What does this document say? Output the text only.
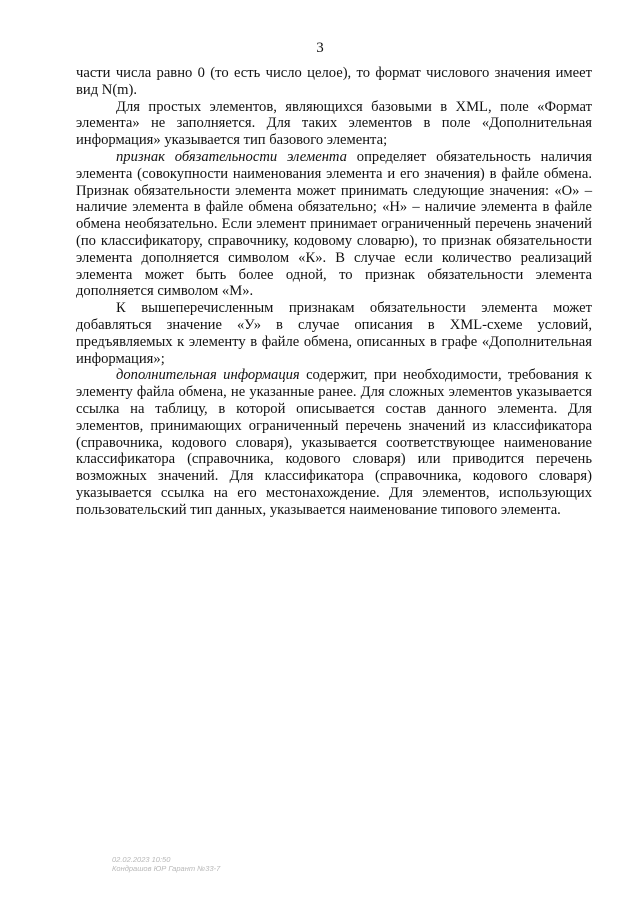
3

части числа равно 0 (то есть число целое), то формат числового значения имеет вид N(m).

Для простых элементов, являющихся базовыми в XML, поле «Формат элемента» не заполняется. Для таких элементов в поле «Дополнительная информация» указывается тип базового элемента;

признак обязательности элемента определяет обязательность наличия элемента (совокупности наименования элемента и его значения) в файле обмена. Признак обязательности элемента может принимать следующие значения: «О» – наличие элемента в файле обмена обязательно; «Н» – наличие элемента в файле обмена необязательно. Если элемент принимает ограниченный перечень значений (по классификатору, справочнику, кодовому словарю), то признак обязательности элемента дополняется символом «К». В случае если количество реализаций элемента может быть более одной, то признак обязательности элемента дополняется символом «М».

К вышеперечисленным признакам обязательности элемента может добавляться значение «У» в случае описания в XML-схеме условий, предъявляемых к элементу в файле обмена, описанных в графе «Дополнительная информация»;

дополнительная информация содержит, при необходимости, требования к элементу файла обмена, не указанные ранее. Для сложных элементов указывается ссылка на таблицу, в которой описывается состав данного элемента. Для элементов, принимающих ограниченный перечень значений из классификатора (справочника, кодового словаря), указывается соответствующее наименование классификатора (справочника, кодового словаря) или приводится перечень возможных значений. Для классификатора (справочника, кодового словаря) указывается ссылка на его местонахождение. Для элементов, использующих пользовательский тип данных, указывается наименование типового элемента.

02.02.2023 10:50
Кондрашов ЮР Гарант №33-7
